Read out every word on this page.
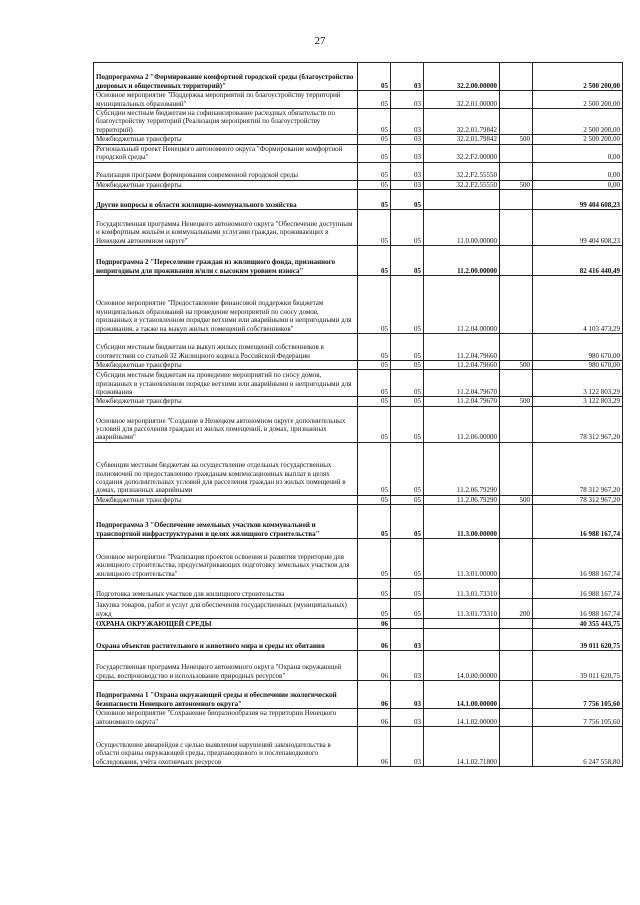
27
Подпрограмма 2 "Формирование комфортной городской среды (благоустройство дворовых и общественных территорий)"	05	03	32.2.00.00000		2 500 200,00
Основное мероприятие "Поддержка мероприятий по благоустройству территорий муниципальных образований"	05	03	32.2.01.00000		2 500 200,00
Субсидии местным бюджетам на софинансирование расходных обязательств по благоустройству территорий (Реализация мероприятий по благоустройству территорий)	05	03	32.2.01.79842		2 500 200,00
Межбюджетные трансферты	05	03	32.2.01.79842	500	2 500 200,00
Региональный проект Ненецкого автономного округа "Формирование комфортной городской среды"	05	03	32.2.F2.00000		0,00
Реализация программ формирования современной городской среды	05	03	32.2.F2.55550		0,00
Межбюджетные трансферты	05	03	32.2.F2.55550	500	0,00
Другие вопросы в области жилищно-коммунального хозяйства	05	05			99 404 608,23
Государственная программа Ненецкого автономного округа "Обеспечение доступным и комфортным жильём и коммунальными услугами граждан, проживающих в Ненецком автономном округе"	05	05	11.0.00.00000		99 404 608,23
Подпрограмма 2 "Переселение граждан из жилищного фонда, признанного непригодным для проживания и/или с высоким уровнем износа"	05	05	11.2.00.00000		82 416 440,49
Основное мероприятие "Предоставление финансовой поддержки бюджетам муниципальных образований на проведение мероприятий по сносу домов, признанных в установленном порядке ветхими или аварийными и непригодными для проживания, а также на выкуп жилых помещений собственников"	05	05	11.2.04.00000		4 103 473,29
Субсидии местным бюджетам на выкуп жилых помещений собственников в соответствии со статьей 32 Жилищного кодекса Российской Федерации	05	05	11.2.04.79660		980 670,00
Межбюджетные трансферты	05	05	11.2.04.79660	500	980 670,00
Субсидии местным бюджетам на проведение мероприятий по сносу домов, признанных в установленном порядке ветхими или аварийными и непригодными для проживания	05	05	11.2.04.79670		3 122 803,29
Межбюджетные трансферты	05	05	11.2.04.79670	500	3 122 803,29
Основное мероприятие "Создание в Ненецком автономном округе дополнительных условий для расселения граждан из жилых помещений, в домах, признанных аварийными"	05	05	11.2.06.00000		78 312 967,20
Субвенции местным бюджетам на осуществление отдельных государственных полномочий по предоставлению гражданам компенсационных выплат в целях создания дополнительных условий для расселения граждан из жилых помещений в домах, признанных аварийными	05	05	11.2.06.79290		78 312 967,20
Межбюджетные трансферты	05	05	11.2.06.79290	500	78 312 967,20
Подпрограмма 3 "Обеспечение земельных участков коммунальной и транспортной инфраструктурами в целях жилищного строительства"	05	05	11.3.00.00000		16 988 167,74
Основное мероприятие "Реализация проектов освоения и развития территории для жилищного строительства, предусматривающих подготовку земельных участков для жилищного строительства"	05	05	11.3.01.00000		16 988 167,74
Подготовка земельных участков для жилищного строительства	05	05	11.3.01.73310		16 988 167,74
Закупка товаров, работ и услуг для обеспечения государственных (муниципальных) нужд	05	05	11.3.01.73310	200	16 988 167,74
ОХРАНА ОКРУЖАЮЩЕЙ СРЕДЫ	06				40 355 443,75
Охрана объектов растительного и животного мира и среды их обитания	06	03			39 011 620,75
Государственная программа Ненецкого автономного округа "Охрана окружающей среды, воспроизводство и использование природных ресурсов"	06	03	14.0.00.00000		39 011 620,75
Подпрограмма 1 "Охрана окружающей среды и обеспечение экологической безопасности Ненецкого автономного округа"	06	03	14.1.00.00000		7 756 105,60
Основное мероприятие "Сохранение биоразнообразия на территории Ненецкого автономного округа"	06	03	14.1.02.00000		7 756 105,60
Осуществление авиарейдов с целью выявления нарушений законодательства в области охраны окружающей среды, предпаводкового и послепаводкового обследования, учёта охотничьих ресурсов	06	03	14.1.02.71800		6 247 558,80
